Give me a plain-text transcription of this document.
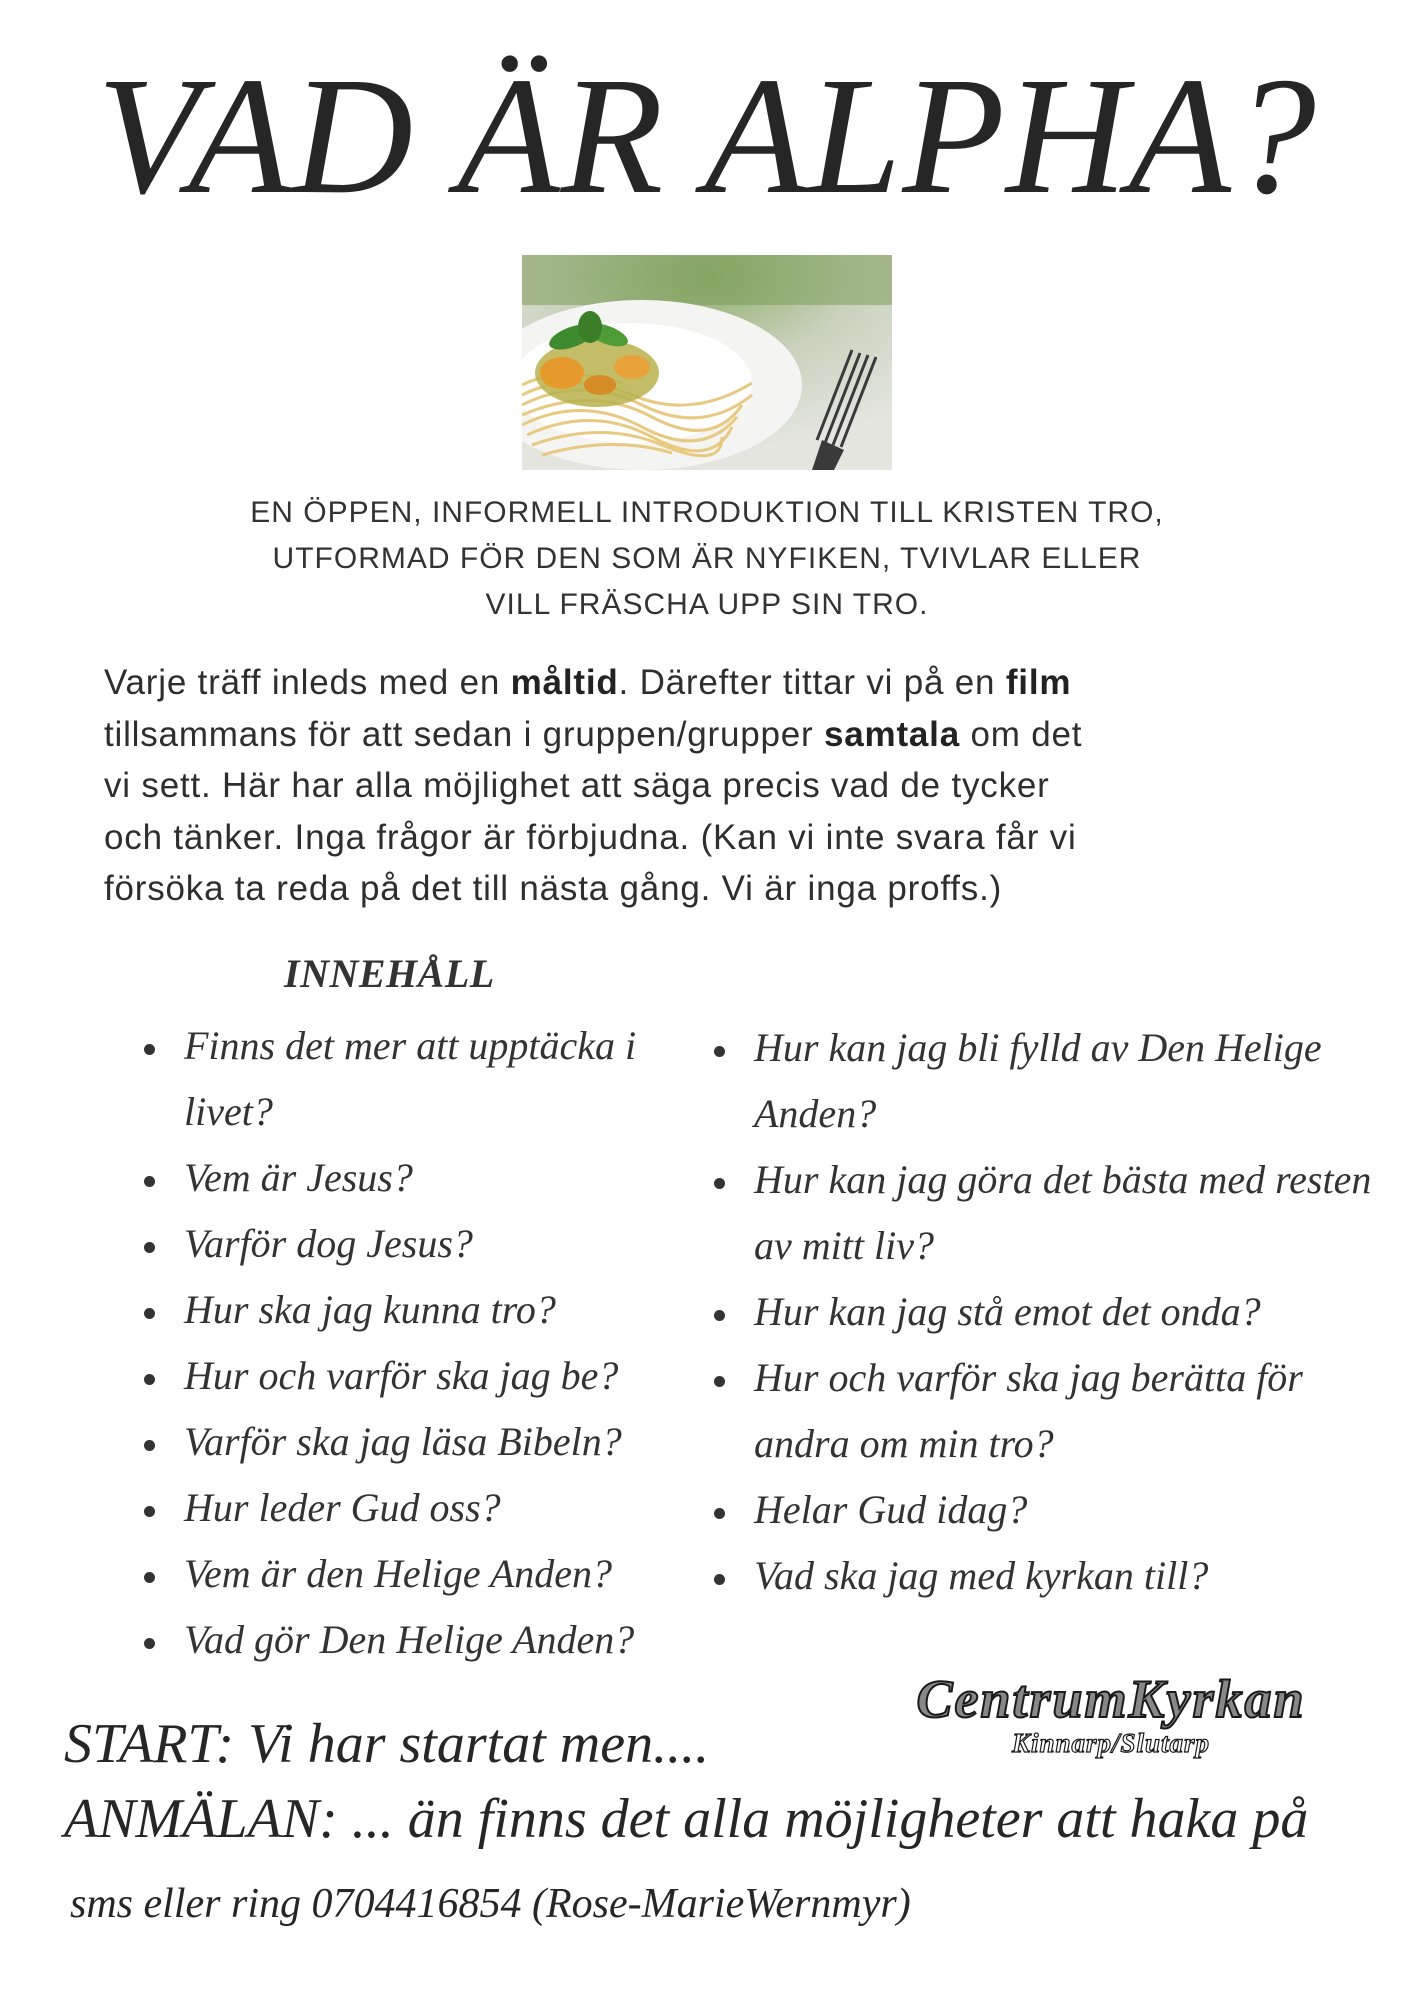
VAD ÄR ALPHA?
EN ÖPPEN, INFORMELL INTRODUKTION TILL KRISTEN TRO,
UTFORMAD FÖR DEN SOM ÄR NYFIKEN, TVIVLAR ELLER
VILL FRÄSCHA UPP SIN TRO.

Varje träff inleds med en måltid. Därefter tittar vi på en film

tillsammans för att sedan i gruppen/grupper samtala om det

vi sett. Här har alla möjlighet att säga precis vad de tycker

och tänker. Inga frågor är förbjudna. (Kan vi inte svara får vi

försöka ta reda på det till nästa gång. Vi är inga proffs.)

INNEHÅLL
Finns det mer att upptäcka i livet?
Vem är Jesus?
Varför dog Jesus?
Hur ska jag kunna tro?
Hur och varför ska jag be?
Varför ska jag läsa Bibeln?
Hur leder Gud oss?
Vem är den Helige Anden?
Vad gör Den Helige Anden?
Hur kan jag bli fylld av Den Helige Anden?
Hur kan jag göra det bästa med resten av mitt liv?
Hur kan jag stå emot det onda?
Hur och varför ska jag berätta för andra om min tro?
Helar Gud idag?
Vad ska jag med kyrkan till?
CentrumKyrkan
Kinnarp/Slutarp
START: Vi har startat men....
ANMÄLAN: ... än finns det alla möjligheter att haka på
sms eller ring 0704416854 (Rose-MarieWernmyr)
